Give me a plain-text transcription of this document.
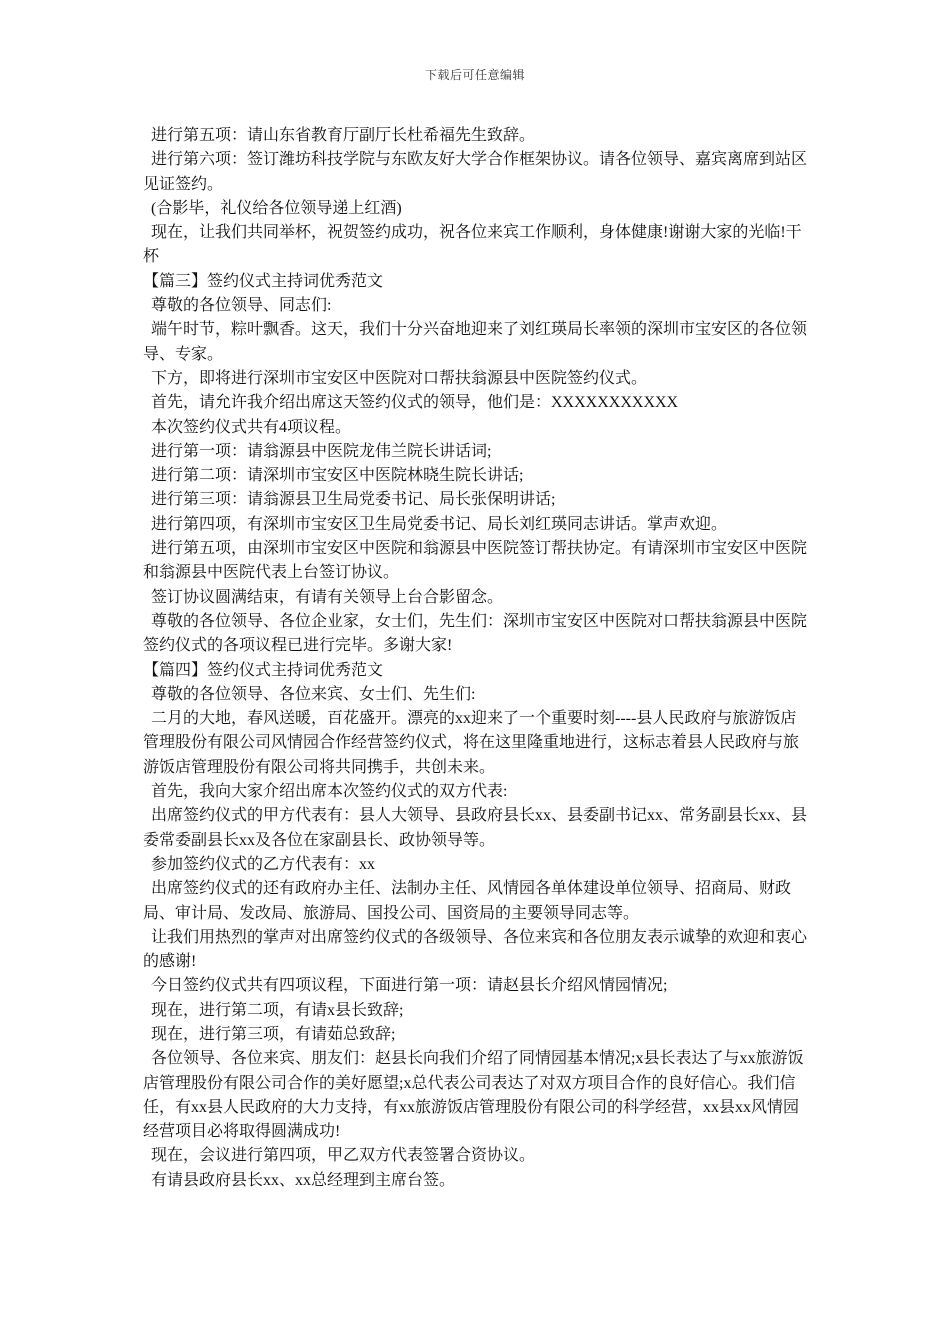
下载后可任意编辑

进行第五项：请山东省教育厅副厅长杜希福先生致辞。

进行第六项：签订潍坊科技学院与东欧友好大学合作框架协议。请各位领导、嘉宾离席到站区见证签约。

(合影毕，礼仪给各位领导递上红酒)

现在，让我们共同举杯，祝贺签约成功，祝各位来宾工作顺利，身体健康!谢谢大家的光临!干杯

【篇三】签约仪式主持词优秀范文

尊敬的各位领导、同志们:

端午时节，粽叶飘香。这天，我们十分兴奋地迎来了刘红瑛局长率领的深圳市宝安区的各位领导、专家。

下方，即将进行深圳市宝安区中医院对口帮扶翁源县中医院签约仪式。

首先，请允许我介绍出席这天签约仪式的领导，他们是：XXXXXXXXXXX

本次签约仪式共有4项议程。

进行第一项：请翁源县中医院龙伟兰院长讲话词;

进行第二项：请深圳市宝安区中医院林晓生院长讲话;

进行第三项：请翁源县卫生局党委书记、局长张保明讲话;

进行第四项，有深圳市宝安区卫生局党委书记、局长刘红瑛同志讲话。掌声欢迎。

进行第五项，由深圳市宝安区中医院和翁源县中医院签订帮扶协定。有请深圳市宝安区中医院和翁源县中医院代表上台签订协议。

签订协议圆满结束，有请有关领导上台合影留念。

尊敬的各位领导、各位企业家，女士们，先生们：深圳市宝安区中医院对口帮扶翁源县中医院签约仪式的各项议程已进行完毕。多谢大家!

【篇四】签约仪式主持词优秀范文

尊敬的各位领导、各位来宾、女士们、先生们:

二月的大地，春风送暖，百花盛开。漂亮的xx迎来了一个重要时刻----县人民政府与旅游饭店管理股份有限公司风情园合作经营签约仪式，将在这里隆重地进行，这标志着县人民政府与旅游饭店管理股份有限公司将共同携手，共创未来。

首先，我向大家介绍出席本次签约仪式的双方代表:

出席签约仪式的甲方代表有：县人大领导、县政府县长xx、县委副书记xx、常务副县长xx、县委常委副县长xx及各位在家副县长、政协领导等。

参加签约仪式的乙方代表有：xx

出席签约仪式的还有政府办主任、法制办主任、风情园各单体建设单位领导、招商局、财政局、审计局、发改局、旅游局、国投公司、国资局的主要领导同志等。

让我们用热烈的掌声对出席签约仪式的各级领导、各位来宾和各位朋友表示诚挚的欢迎和衷心的感谢!

今日签约仪式共有四项议程，下面进行第一项：请赵县长介绍风情园情况;

现在，进行第二项，有请x县长致辞;

现在，进行第三项，有请茹总致辞;

各位领导、各位来宾、朋友们：赵县长向我们介绍了同情园基本情况;x县长表达了与xx旅游饭店管理股份有限公司合作的美好愿望;x总代表公司表达了对双方项目合作的良好信心。我们信任，有xx县人民政府的大力支持，有xx旅游饭店管理股份有限公司的科学经营，xx县xx风情园经营项目必将取得圆满成功!

现在，会议进行第四项，甲乙双方代表签署合资协议。

有请县政府县长xx、xx总经理到主席台签。
